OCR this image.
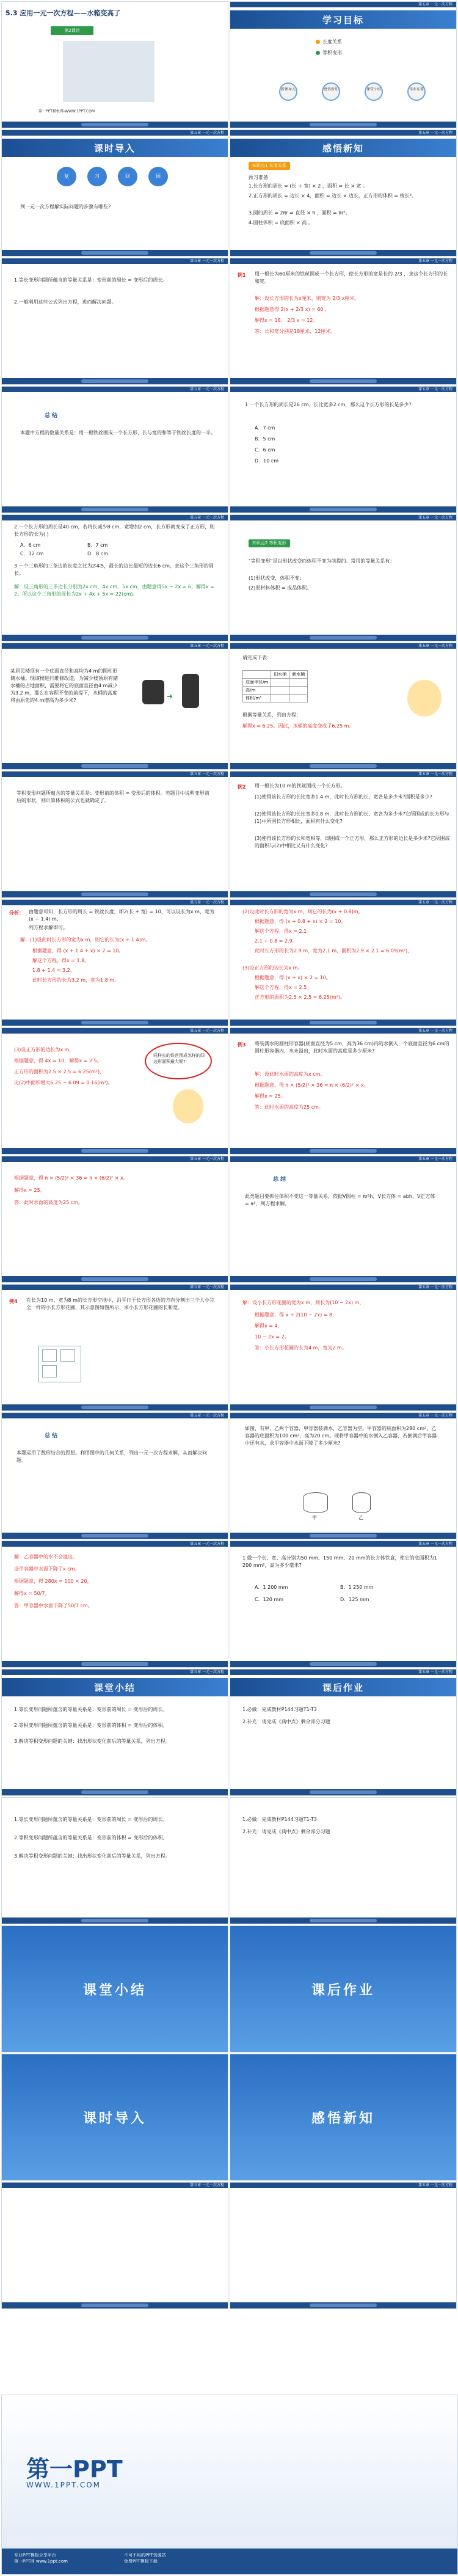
5.3 应用一元一次方程——水箱变高了
第2课时
第一PPT模板网-WWW.1PPT.COM
第五章 一元一次方程
学习目标
长度关系
等积变形
新课导入	感悟新知	课堂小结	作业布置
第五章 一元一次方程
课时导入
复	习	回	顾
列一元一次方程解实际问题的步骤有哪些?
第五章 一元一次方程
感悟新知
知识点1 长度关系
预习准备
1.长方形的周长 = (长 + 宽) × 2 ，面积 = 长 × 宽 。
2.正方形的周长 = 边长 × 4，面积 = 边长 × 边长，正方形的体积 = 棱长³。
3.圆的周长 = 2πr = 直径 × π ，面积 = πr²。
4.圆柱体积 = 底面积 × 高 。
第五章 一元一次方程
1.等长变形问题所蕴含的等量关系是：变形前的周长 = 变形后的周长。
2.一般利用这些公式列出方程，进而解决问题。
第五章 一元一次方程
例1 用一根长为60厘米的铁丝围成一个长方形，使长方形的宽是长的 2/3 ，求这个长方形的长和宽。
解：设长方形的长为x厘米，则宽为 2/3 x厘米。
根据题意得 2(x + 2/3 x) = 60 ，
解得x = 18， 2/3 x = 12。
答：长和宽分别是18厘米、12厘米。
第五章 一元一次方程
总 结
本题中方程的数量关系是：用一根铁丝围成一个长方形，长与宽的和等于铁丝长度的一半。
第五章 一元一次方程
1 一个长方形的周长是26 cm，长比宽多2 cm，那么这个长方形的长是多少?
A．7 cm
B．5 cm
C．6 cm
D．10 cm
第五章 一元一次方程
2 一个长方形的周长是40 cm，若将长减少8 cm，宽增加2 cm，长方形就变成了正方形，则长方形的长为( )
A．6 cm	B．7 cm
C．12 cm	D．8 cm
3 一个三角形的三条边的长度之比为2∶4∶5，最长的边比最短的边长6 cm，求这个三角形的周长。
解：设三角形的三条边长分别为2x cm，4x cm，5x cm，由题意得5x − 2x = 6，解得x = 2。所以这个三角形的周长为2x + 4x + 5x = 22(cm)。
第五章 一元一次方程
知识点2 等积变形
"等积变形"是以形状改变而体积不变为前提的。常用的等量关系有：
(1)形状改变，体积不变；
(2)原材料体积 = 成品体积。
第五章 一元一次方程
某居民楼顶有一个底面直径和高均为4 m的圆柱形储水桶。现该楼进行维修改造，为减少楼顶原有储水桶的占地面积，需要将它的底面直径由4 m减少为3.2 m，那么在容积不变的前提下，水桶的高度将由原先的4 m增高为多少米?	➜
第五章 一元一次方程
请完成下表：
	旧水桶	新水桶
底面半径/m		
高/m		
体积/m³		
根据等量关系，列出方程：
解得x = 6.25。因此，水桶的高度变成了6.25 m。
第五章 一元一次方程
等积变形问题所蕴含的等量关系是：变形前的体积 = 变形后的体积。若题目中说明变形前后的形状，则计算体积的公式也就确定了。
第五章 一元一次方程
例2 用一根长为10 m的铁丝围成一个长方形。
(1)使得该长方形的长比宽多1.4 m，此时长方形的长、宽各是多少米?面积是多少?
(2)使得该长方形的长比宽多0.8 m，此时长方形的长、宽各为多少米?它所围成的长方形与(1)中所围长方形相比，面积有什么变化?
(3)使得该长方形的长和宽相等，即围成一个正方形，那么正方形的边长是多少米?它所围成的面积与(2)中相比又有什么变化?
第五章 一元一次方程
分析： 由题意可知，长方形的周长 = 铁丝长度，即2(长 + 宽) = 10，可以设长为x m，宽为(x − 1.4) m，
列方程求解即可。
解：(1)设此时长方形的宽为x m，则它的长为(x + 1.4)m。
根据题意，得 (x + 1.4 + x) × 2 = 10。
解这个方程，得x = 1.8。
1.8 + 1.4 = 3.2。
此时长方形的长为3.2 m，宽为1.8 m。
第五章 一元一次方程
(2)设此时长方形的宽为x m，则它的长为(x + 0.8)m。
根据题意，得 (x + 0.8 + x) × 2 = 10。
解这个方程，得x = 2.1。
2.1 + 0.8 = 2.9。
此时长方形的长为2.9 m，宽为2.1 m，面积为2.9 × 2.1 = 6.09(m²)，
(3)设正方形的边长为x m。
根据题意，得 (x + x) × 2 = 10。
解这个方程，得x = 2.5。
正方形的面积为2.5 × 2.5 = 6.25(m²)。
第五章 一元一次方程
(3)设正方形的边长为x m，
根据题意，得 4x = 10，解得x = 2.5。
正方形的面积为2.5 × 2.5 = 6.25(m²)，
比(2)中面积增大6.25 − 6.09 = 0.16(m²)。
同样长的铁丝围成怎样的四边形面积最大呢?
第五章 一元一次方程
例3 将装满水的圆柱形容器(底面直径为5 cm，高为36 cm)内的水倒入一个底面直径为6 cm的圆柱形容器内，水未溢出，此时水面的高度是多少厘米?
解：设此时水面的高度为x cm。
根据题意，得 π × (5/2)² × 36 = π × (6/2)² × x。
解得x = 25。
答：此时水面的高度为25 cm。
第五章 一元一次方程
根据题意，得 π × (5/2)² × 36 = π × (6/2)² × x。
解得x = 25。
答：此时水面的高度为25 cm。
第五章 一元一次方程
总 结
此类题目要抓住体积不变这一等量关系，依据V圆柱 = πr²h，V长方体 = abh，V正方体 = a³，列方程求解。
第五章 一元一次方程
例4 在长为10 m，宽为8 m的长方形空地中，沿平行于长方形各边的方向分割出三个大小完全一样的小长方形花圃，其示意图如图所示，求小长方形花圃的长和宽。
第五章 一元一次方程
解：设小长方形花圃的宽为x m，则长为(10 − 2x) m，
根据题意，得 x + 2(10 − 2x) = 8，
解得x = 4，
10 − 2x = 2。
答：小长方形花圃的长为4 m，宽为2 m。
第五章 一元一次方程
总 结
本题运用了数形结合的思想。利用图中的几何关系，列出一元一次方程求解，从而解决问题。
第五章 一元一次方程
如图，有甲、乙两个容器，甲容器装满水，乙容器为空。甲容器的底面积为280 cm²，乙容器的底面积为100 cm²，高为20 cm。现将甲容器中的水倒入乙容器，若倒满后甲容器中还有水，求甲容器中水面下降了多少厘米?
甲	乙
第五章 一元一次方程
解：乙容器中的水不会溢出。
设甲容器中水面下降了x cm。
根据题意，得 280x = 100 × 20，
解得x = 50/7。
答：甲容器中水面下降了50/7 cm。
第五章 一元一次方程
1 做一个长、宽、高分别为50 mm、150 mm、20 mm的长方体铁盒，使它的底面积为1 200 mm²，高为多少毫米?
A．1 200 mm	B．1 250 mm
C．120 mm	D．125 mm
第五章 一元一次方程
课堂小结
1.等长变形问题所蕴含的等量关系是：变形前的周长 = 变形后的周长。
2.等积变形问题所蕴含的等量关系是：变形前的体积 = 变形后的体积。
3.解决等积变形问题的关键：找出形状变化前后的等量关系，列出方程。
第五章 一元一次方程
课后作业
1.必做：完成教材P144习题T1-T3
2.补充：请完成《典中点》剩余部分习题
1.等长变形问题所蕴含的等量关系是：变形前的周长 = 变形后的周长。
2.等积变形问题所蕴含的等量关系是：变形前的体积 = 变形后的体积。
3.解决等积变形问题的关键：找出形状变化前后的等量关系，列出方程。
1.必做：完成教材P144习题T1-T3
2.补充：请完成《典中点》剩余部分习题
课堂小结	课后作业
课时导入	感悟新知
第五章 一元一次方程	第五章 一元一次方程
第一PPT
WWW.1PPT.COM
专业PPT模板分享平台
第一PPT网 www.1ppt.com
不可不用的PPT资源站
免费PPT模板下载
